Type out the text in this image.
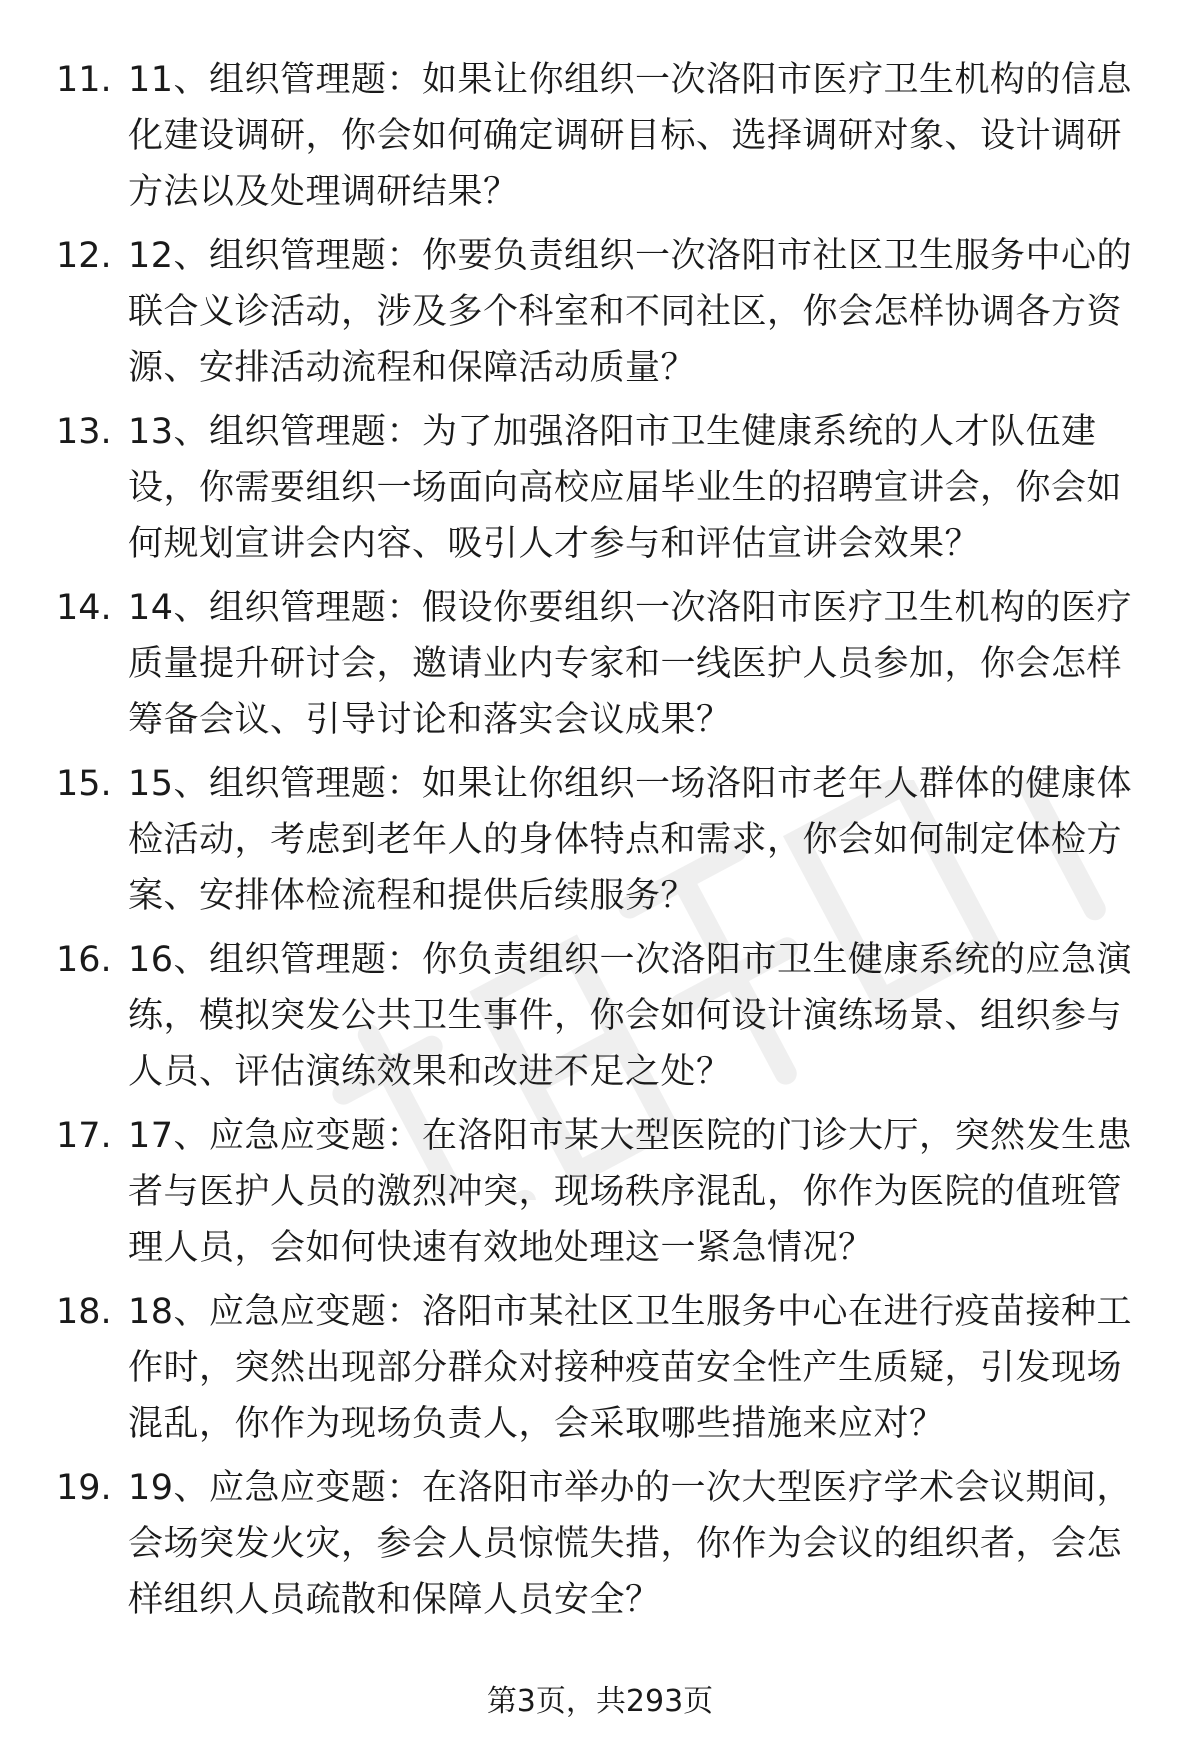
11. 11、组织管理题：如果让你组织一次洛阳市医疗卫生机构的信息
化建设调研，你会如何确定调研目标、选择调研对象、设计调研
方法以及处理调研结果？
12. 12、组织管理题：你要负责组织一次洛阳市社区卫生服务中心的
联合义诊活动，涉及多个科室和不同社区，你会怎样协调各方资
源、安排活动流程和保障活动质量？
13. 13、组织管理题：为了加强洛阳市卫生健康系统的人才队伍建
设，你需要组织一场面向高校应届毕业生的招聘宣讲会，你会如
何规划宣讲会内容、吸引人才参与和评估宣讲会效果？
14. 14、组织管理题：假设你要组织一次洛阳市医疗卫生机构的医疗
质量提升研讨会，邀请业内专家和一线医护人员参加，你会怎样
筹备会议、引导讨论和落实会议成果？
15. 15、组织管理题：如果让你组织一场洛阳市老年人群体的健康体
检活动，考虑到老年人的身体特点和需求，你会如何制定体检方
案、安排体检流程和提供后续服务？
16. 16、组织管理题：你负责组织一次洛阳市卫生健康系统的应急演
练，模拟突发公共卫生事件，你会如何设计演练场景、组织参与
人员、评估演练效果和改进不足之处？
17. 17、应急应变题：在洛阳市某大型医院的门诊大厅，突然发生患
者与医护人员的激烈冲突，现场秩序混乱，你作为医院的值班管
理人员，会如何快速有效地处理这一紧急情况？
18. 18、应急应变题：洛阳市某社区卫生服务中心在进行疫苗接种工
作时，突然出现部分群众对接种疫苗安全性产生质疑，引发现场
混乱，你作为现场负责人，会采取哪些措施来应对？
19. 19、应急应变题：在洛阳市举办的一次大型医疗学术会议期间，
会场突发火灾，参会人员惊慌失措，你作为会议的组织者，会怎
样组织人员疏散和保障人员安全？
第3页，共293页
